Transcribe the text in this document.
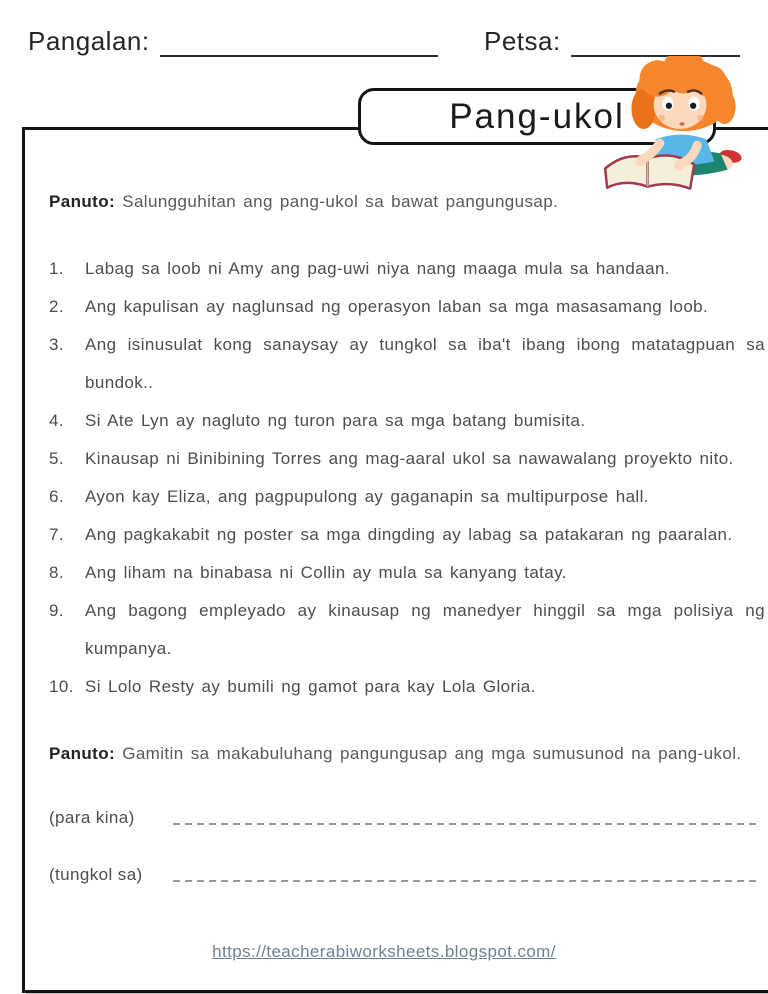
Pangalan:	Petsa:
Pang-ukol
Panuto: Salungguhitan ang pang-ukol sa bawat pangungusap.
1.	Labag sa loob ni Amy ang pag-uwi niya nang maaga mula sa handaan.
2.	Ang kapulisan ay naglunsad ng operasyon laban sa mga masasamang loob.
3.	Ang isinusulat kong sanaysay ay tungkol sa iba't ibang ibong matatagpuan sa bundok..
4.	Si Ate Lyn ay nagluto ng turon para sa mga batang bumisita.
5.	Kinausap ni Binibining Torres ang mag-aaral ukol sa nawawalang proyekto nito.
6.	Ayon kay Eliza, ang pagpupulong ay gaganapin sa multipurpose hall.
7.	Ang pagkakabit ng poster sa mga dingding ay labag sa patakaran ng paaralan.
8.	Ang liham na binabasa ni Collin ay mula sa kanyang tatay.
9.	Ang bagong empleyado ay kinausap ng manedyer hinggil sa mga polisiya ng kumpanya.
10. Si Lolo Resty ay bumili ng gamot para kay Lola Gloria.
Panuto: Gamitin sa makabuluhang pangungusap ang mga sumusunod na pang-ukol.
(para kina)
(tungkol sa)
https://teacherabiworksheets.blogspot.com/
